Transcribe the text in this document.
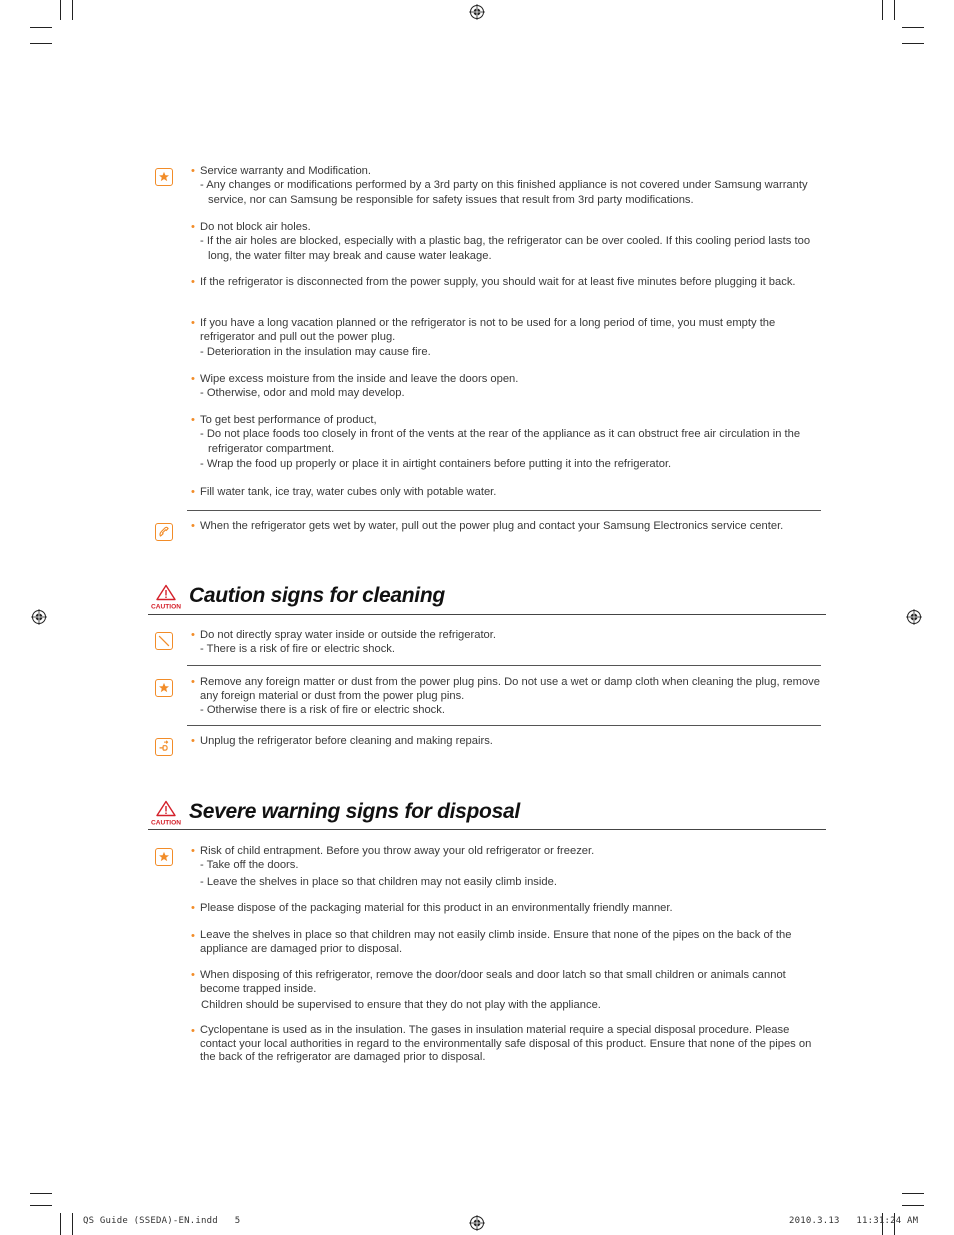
• Service warranty and Modification.
- Any changes or modifications performed by a 3rd party on this finished appliance is not covered under Samsung warranty service, nor can Samsung be responsible for safety issues that result from 3rd party modifications.
• Do not block air holes.
- If the air holes are blocked, especially with a plastic bag, the refrigerator can be over cooled. If this cooling period lasts too long, the water filter may break and cause water leakage.
• If the refrigerator is disconnected from the power supply, you should wait for at least five minutes before plugging it back.
• If you have a long vacation planned or the refrigerator is not to be used for a long period of time, you must empty the refrigerator and pull out the power plug.
- Deterioration in the insulation may cause fire.
• Wipe excess moisture from the inside and leave the doors open.
- Otherwise, odor and mold may develop.
• To get best performance of product,
- Do not place foods too closely in front of the vents at the rear of the appliance as it can obstruct free air circulation in the refrigerator compartment.
- Wrap the food up properly or place it in airtight containers before putting it into the refrigerator.
• Fill water tank, ice tray, water cubes only with potable water.
• When the refrigerator gets wet by water, pull out the power plug and contact your Samsung Electronics service center.
CAUTION Caution signs for cleaning
• Do not directly spray water inside or outside the refrigerator.
- There is a risk of fire or electric shock.
• Remove any foreign matter or dust from the power plug pins. Do not use a wet or damp cloth when cleaning the plug, remove any foreign material or dust from the power plug pins.
- Otherwise there is a risk of fire or electric shock.
• Unplug the refrigerator before cleaning and making repairs.
CAUTION Severe warning signs for disposal
• Risk of child entrapment. Before you throw away your old refrigerator or freezer.
- Take off the doors.
- Leave the shelves in place so that children may not easily climb inside.
• Please dispose of the packaging material for this product in an environmentally friendly manner.
• Leave the shelves in place so that children may not easily climb inside. Ensure that none of the pipes on the back of the appliance are damaged prior to disposal.
• When disposing of this refrigerator, remove the door/door seals and door latch so that small children or animals cannot become trapped inside.
Children should be supervised to ensure that they do not play with the appliance.
• Cyclopentane is used as in the insulation. The gases in insulation material require a special disposal procedure. Please contact your local authorities in regard to the environmentally safe disposal of this product. Ensure that none of the pipes on the back of the refrigerator are damaged prior to disposal.
QS Guide (SSEDA)-EN.indd   5	2010.3.13   11:31:24 AM
